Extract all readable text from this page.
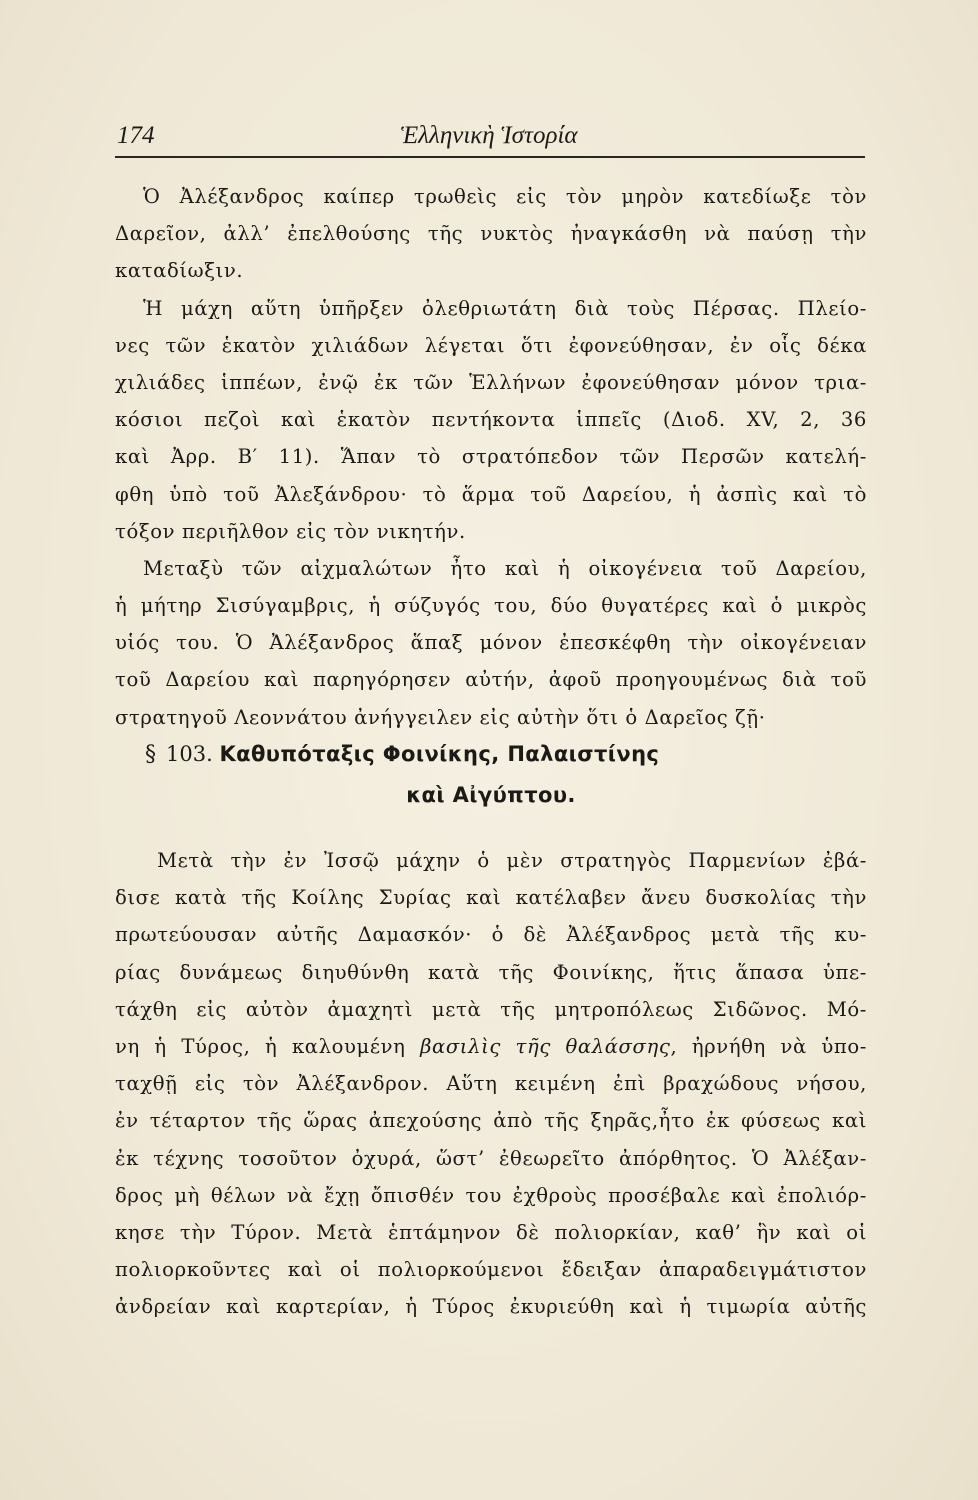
174	Ἑλληνικὴ Ἱστορία
Ὁ Ἀλέξανδρος καίπερ τρωθεὶς εἰς τὸν μηρὸν κατεδίωξε τὸν
Δαρεῖον, ἀλλ’ ἐπελθούσης τῆς νυκτὸς ἠναγκάσθη νὰ παύσῃ τὴν
καταδίωξιν.
Ἡ μάχη αὕτη ὑπῆρξεν ὀλεθριωτάτη διὰ τοὺς Πέρσας. Πλείο-
νες τῶν ἑκατὸν χιλιάδων λέγεται ὅτι ἐφονεύθησαν, ἐν οἷς δέκα
χιλιάδες ἱππέων, ἐνῷ ἐκ τῶν Ἑλλήνων ἐφονεύθησαν μόνον τρια-
κόσιοι πεζοὶ καὶ ἑκατὸν πεντήκοντα ἱππεῖς (Διοδ. XV, 2, 36
καὶ Ἀρρ. Β′ 11). Ἅπαν τὸ στρατόπεδον τῶν Περσῶν κατελή-
φθη ὑπὸ τοῦ Ἀλεξάνδρου· τὸ ἅρμα τοῦ Δαρείου, ἡ ἀσπὶς καὶ τὸ
τόξον περιῆλθον εἰς τὸν νικητήν.
Μεταξὺ τῶν αἰχμαλώτων ἦτο καὶ ἡ οἰκογένεια τοῦ Δαρείου,
ἡ μήτηρ Σισύγαμβρις, ἡ σύζυγός του, δύο θυγατέρες καὶ ὁ μικρὸς
υἱός του. Ὁ Ἀλέξανδρος ἅπαξ μόνον ἐπεσκέφθη τὴν οἰκογένειαν
τοῦ Δαρείου καὶ παρηγόρησεν αὐτήν, ἀφοῦ προηγουμένως διὰ τοῦ
στρατηγοῦ Λεοννάτου ἀνήγγειλεν εἰς αὐτὴν ὅτι ὁ Δαρεῖος ζῇ·
§ 103. Καθυπόταξις Φοινίκης, Παλαιστίνης
καὶ Αἰγύπτου.
Μετὰ τὴν ἐν Ἰσσῷ μάχην ὁ μὲν στρατηγὸς Παρμενίων ἐβά-
δισε κατὰ τῆς Κοίλης Συρίας καὶ κατέλαβεν ἄνευ δυσκολίας τὴν
πρωτεύουσαν αὐτῆς Δαμασκόν· ὁ δὲ Ἀλέξανδρος μετὰ τῆς κυ-
ρίας δυνάμεως διηυθύνθη κατὰ τῆς Φοινίκης, ἥτις ἅπασα ὑπε-
τάχθη εἰς αὐτὸν ἀμαχητὶ μετὰ τῆς μητροπόλεως Σιδῶνος. Μό-
νη ἡ Τύρος, ἡ καλουμένη βασιλὶς τῆς θαλάσσης, ἠρνήθη νὰ ὑπο-
ταχθῇ εἰς τὸν Ἀλέξανδρον. Αὕτη κειμένη ἐπὶ βραχώδους νήσου,
ἐν τέταρτον τῆς ὥρας ἀπεχούσης ἀπὸ τῆς ξηρᾶς,ἦτο ἐκ φύσεως καὶ
ἐκ τέχνης τοσοῦτον ὀχυρά, ὥστ’ ἐθεωρεῖτο ἀπόρθητος. Ὁ Ἀλέξαν-
δρος μὴ θέλων νὰ ἔχῃ ὄπισθέν του ἐχθροὺς προσέβαλε καὶ ἐπολιόρ-
κησε τὴν Τύρον. Μετὰ ἑπτάμηνον δὲ πολιορκίαν, καθ’ ἣν καὶ οἱ
πολιορκοῦντες καὶ οἱ πολιορκούμενοι ἔδειξαν ἀπαραδειγμάτιστον
ἀνδρείαν καὶ καρτερίαν, ἡ Τύρος ἐκυριεύθη καὶ ἡ τιμωρία αὐτῆς
